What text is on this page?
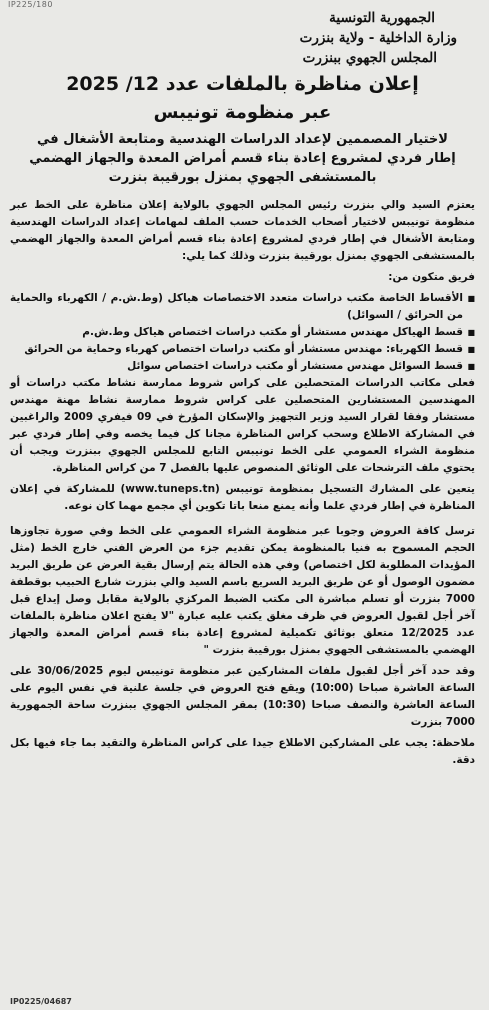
IP225/180
الجمهورية التونسية
وزارة الداخلية - ولاية بنزرت
المجلس الجهوي ببنزرت
إعلان مناظرة بالملفات عدد 12/ 2025
عبر منظومة تونيبس
لاختيار المصممين لإعداد الدراسات الهندسية ومتابعة الأشغال في
إطار فردي لمشروع إعادة بناء قسم أمراض المعدة والجهاز الهضمي
بالمستشفى الجهوي بمنزل بورقيبة بنزرت

يعتزم السيد والي بنزرت رئيس المجلس الجهوي بالولاية إعلان مناظرة على الخط عبر منظومة تونيبس لاختيار أصحاب الخدمات حسب الملف لمهامات إعداد الدراسات الهندسية ومتابعة الأشغال في إطار فردي لمشروع إعادة بناء قسم أمراض المعدة والجهاز الهضمي بالمستشفى الجهوي بمنزل بورقيبة بنزرت وذلك كما يلي:

فريق متكون من:

■ الأقساط الخاصة مكتب دراسات متعدد الاختصاصات هياكل (وط.ش.م / الكهرباء والحماية من الحرائق / السوائل)
■ قسط الهياكل مهندس مستشار أو مكتب دراسات اختصاص هياكل وط.ش.م
■ قسط الكهرباء: مهندس مستشار أو مكتب دراسات اختصاص كهرباء وحماية من الحرائق
■ قسط السوائل مهندس مستشار أو مكتب دراسات اختصاص سوائل

فعلى مكاتب الدراسات المتحصلين على كراس شروط ممارسة نشاط مكتب دراسات أو المهندسين المستشارين المتحصلين على كراس شروط ممارسة نشاط مهنة مهندس مستشار وفقا لقرار السيد وزير التجهيز والإسكان المؤرخ في 09 فيفري 2009 والراغبين في المشاركة الاطلاع وسحب كراس المناظرة مجانا كل فيما يخصه وفي إطار فردي عبر منظومة الشراء العمومي على الخط تونيبس التابع للمجلس الجهوي ببنزرت ويجب أن يحتوي ملف الترشحات على الوثائق المنصوص عليها بالفصل 7 من كراس المناظرة.

يتعين على المشارك التسجيل بمنظومة تونيبس (www.tuneps.tn) للمشاركة في إعلان المناظرة في إطار فردي علما وأنه يمنع منعا باتا تكوين أي مجمع مهما كان نوعه.

ترسل كافة العروض وجوبا عبر منظومة الشراء العمومي على الخط وفي صورة تجاوزها الحجم المسموح به فنيا بالمنظومة يمكن تقديم جزء من العرض الفني خارج الخط (مثل المؤيدات المطلوبة لكل اختصاص) وفي هذه الحالة يتم إرسال بقية العرض عن طريق البريد مضمون الوصول أو عن طريق البريد السريع باسم السيد والي بنزرت شارع الحبيب بوقطفة 7000 بنزرت أو تسلم مباشرة الى مكتب الضبط المركزي بالولاية مقابل وصل إيداع قبل آخر أجل لقبول العروض في ظرف مغلق يكتب عليه عبارة "لا يفتح اعلان مناظرة بالملفات عدد 12/2025 متعلق بوثائق تكميلية لمشروع إعادة بناء قسم أمراض المعدة والجهاز الهضمي بالمستشفى الجهوي بمنزل بورقيبة بنزرت "

وقد حدد آخر أجل لقبول ملفات المشاركين عبر منظومة تونيبس ليوم 30/06/2025 على الساعة العاشرة صباحا (10:00) ويقع فتح العروض في جلسة علنية في نفس اليوم على الساعة العاشرة والنصف صباحا (10:30) بمقر المجلس الجهوي ببنزرت ساحة الجمهورية 7000 بنزرت

ملاحظة: يجب على المشاركين الاطلاع جيدا على كراس المناظرة والتقيد بما جاء فيها بكل دقة.

IP0225/04687
